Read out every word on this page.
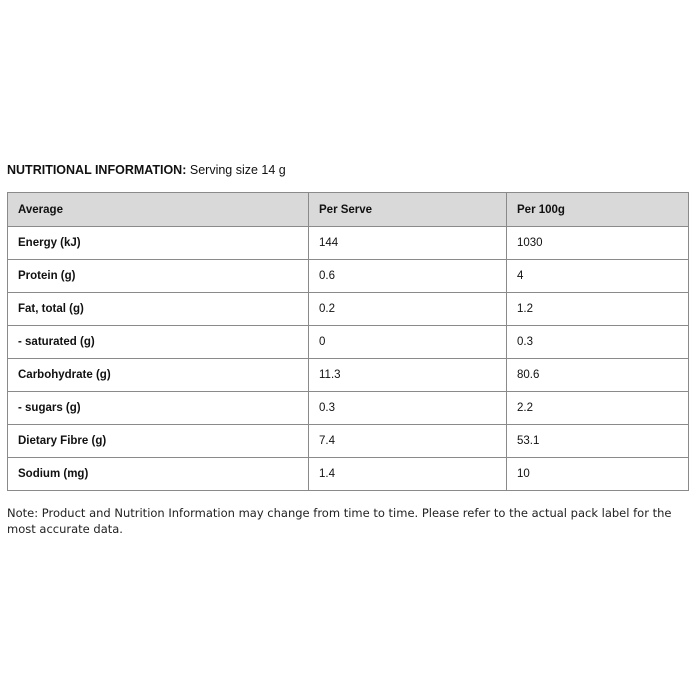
NUTRITIONAL INFORMATION: Serving size 14 g
Average	Per Serve	Per 100g
Energy (kJ)	144	1030
Protein (g)	0.6	4
Fat, total (g)	0.2	1.2
- saturated (g)	0	0.3
Carbohydrate (g)	11.3	80.6
- sugars (g)	0.3	2.2
Dietary Fibre (g)	7.4	53.1
Sodium (mg)	1.4	10
Note: Product and Nutrition Information may change from time to time. Please refer to the actual pack label for the most accurate data.
